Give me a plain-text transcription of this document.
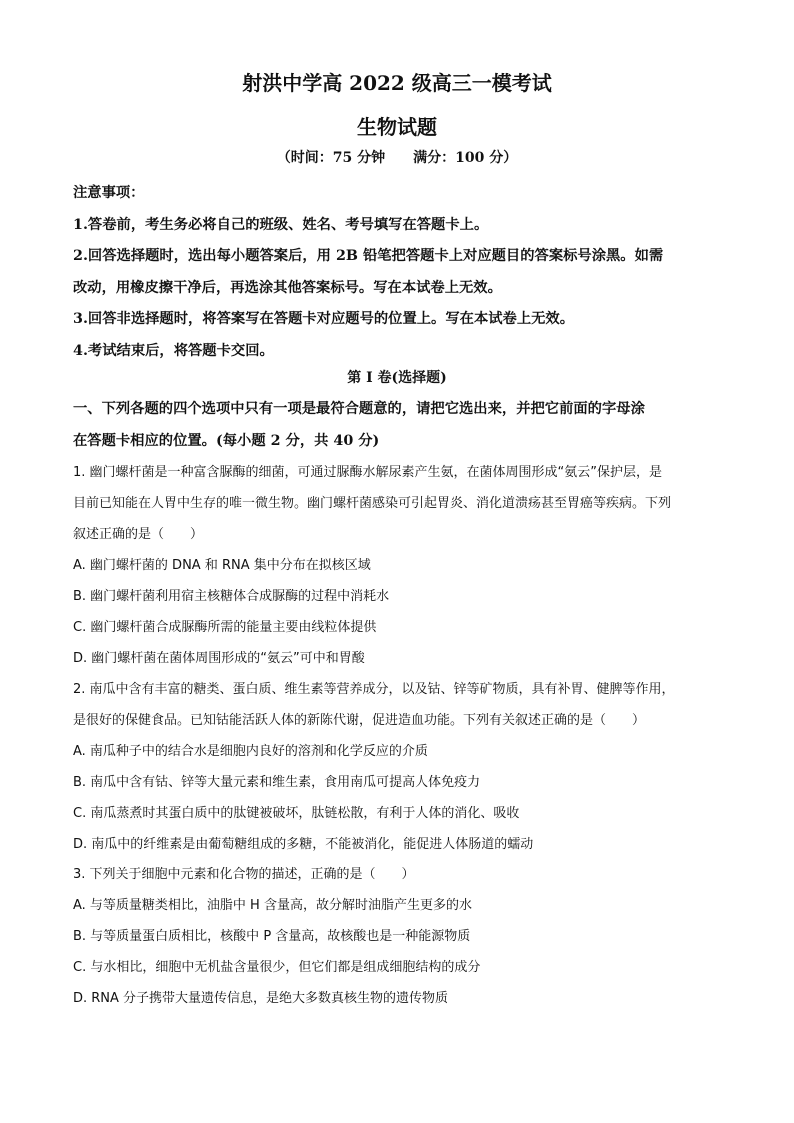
射洪中学高 2022 级高三一模考试
生物试题
（时间：75 分钟　　满分：100 分）
注意事项：
1.答卷前，考生务必将自己的班级、姓名、考号填写在答题卡上。
2.回答选择题时，选出每小题答案后，用 2B 铅笔把答题卡上对应题目的答案标号涂黑。如需
改动，用橡皮擦干净后，再选涂其他答案标号。写在本试卷上无效。
3.回答非选择题时，将答案写在答题卡对应题号的位置上。写在本试卷上无效。
4.考试结束后，将答题卡交回。
第 I 卷(选择题)
一、下列各题的四个选项中只有一项是最符合题意的，请把它选出来，并把它前面的字母涂
在答题卡相应的位置。(每小题 2 分，共 40 分)
1. 幽门螺杆菌是一种富含脲酶的细菌，可通过脲酶水解尿素产生氨，在菌体周围形成“氨云”保护层，是
目前已知能在人胃中生存的唯一微生物。幽门螺杆菌感染可引起胃炎、消化道溃疡甚至胃癌等疾病。下列
叙述正确的是（　　）
A. 幽门螺杆菌的 DNA 和 RNA 集中分布在拟核区域
B. 幽门螺杆菌利用宿主核糖体合成脲酶的过程中消耗水
C. 幽门螺杆菌合成脲酶所需的能量主要由线粒体提供
D. 幽门螺杆菌在菌体周围形成的“氨云”可中和胃酸
2. 南瓜中含有丰富的糖类、蛋白质、维生素等营养成分，以及钴、锌等矿物质，具有补胃、健脾等作用，
是很好的保健食品。已知钴能活跃人体的新陈代谢，促进造血功能。下列有关叙述正确的是（　　）
A. 南瓜种子中的结合水是细胞内良好的溶剂和化学反应的介质
B. 南瓜中含有钴、锌等大量元素和维生素，食用南瓜可提高人体免疫力
C. 南瓜蒸煮时其蛋白质中的肽键被破坏，肽链松散，有利于人体的消化、吸收
D. 南瓜中的纤维素是由葡萄糖组成的多糖，不能被消化，能促进人体肠道的蠕动
3. 下列关于细胞中元素和化合物的描述，正确的是（　　）
A. 与等质量糖类相比，油脂中 H 含量高，故分解时油脂产生更多的水
B. 与等质量蛋白质相比，核酸中 P 含量高，故核酸也是一种能源物质
C. 与水相比，细胞中无机盐含量很少，但它们都是组成细胞结构的成分
D. RNA 分子携带大量遗传信息，是绝大多数真核生物的遗传物质
